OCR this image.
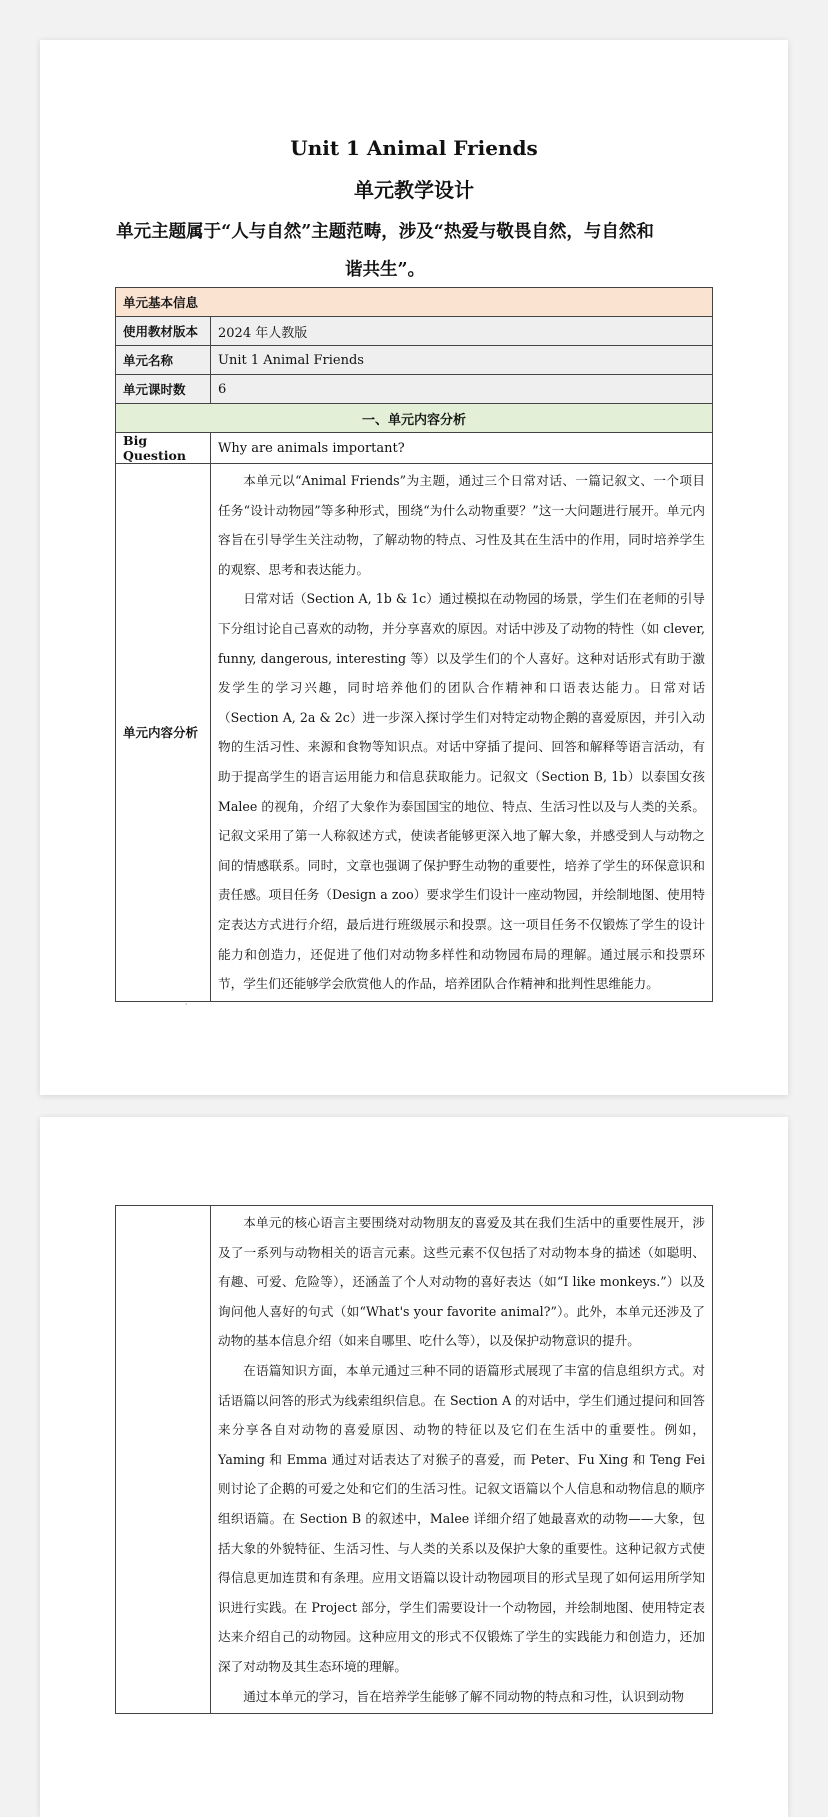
Unit 1 Animal Friends
单元教学设计
单元主题属于“人与自然”主题范畴，涉及“热爱与敬畏自然，与自然和谐共生”。
单元基本信息	
使用教材版本	2024 年人教版
单元名称	Unit 1 Animal Friends
单元课时数	6
一、单元内容分析	
Big Question	Why are animals important?
单元内容分析	本单元以“Animal Friends”为主题，通过三个日常对话、一篇记叙文、一个项目任务“设计动物园”等多种形式，围绕“为什么动物重要？”这一大问题进行展开。单元内容旨在引导学生关注动物，了解动物的特点、习性及其在生活中的作用，同时培养学生的观察、思考和表达能力。

日常对话（Section A, 1b & 1c）通过模拟在动物园的场景，学生们在老师的引导下分组讨论自己喜欢的动物，并分享喜欢的原因。对话中涉及了动物的特性（如 clever, funny, dangerous, interesting 等）以及学生们的个人喜好。这种对话形式有助于激发学生的学习兴趣，同时培养他们的团队合作精神和口语表达能力。日常对话（Section A, 2a & 2c）进一步深入探讨学生们对特定动物企鹅的喜爱原因，并引入动物的生活习性、来源和食物等知识点。对话中穿插了提问、回答和解释等语言活动，有助于提高学生的语言运用能力和信息获取能力。记叙文（Section B, 1b）以泰国女孩 Malee 的视角，介绍了大象作为泰国国宝的地位、特点、生活习性以及与人类的关系。记叙文采用了第一人称叙述方式，使读者能够更深入地了解大象，并感受到人与动物之间的情感联系。同时，文章也强调了保护野生动物的重要性，培养了学生的环保意识和责任感。项目任务（Design a zoo）要求学生们设计一座动物园，并绘制地图、使用特定表达方式进行介绍，最后进行班级展示和投票。这一项目任务不仅锻炼了学生的设计能力和创造力，还促进了他们对动物多样性和动物园布局的理解。通过展示和投票环节，学生们还能够学会欣赏他人的作品，培养团队合作精神和批判性思维能力。

'

本单元的核心语言主要围绕对动物朋友的喜爱及其在我们生活中的重要性展开，涉及了一系列与动物相关的语言元素。这些元素不仅包括了对动物本身的描述（如聪明、有趣、可爱、危险等），还涵盖了个人对动物的喜好表达（如“I like monkeys.”）以及询问他人喜好的句式（如“What's your favorite animal?”）。此外，本单元还涉及了动物的基本信息介绍（如来自哪里、吃什么等），以及保护动物意识的提升。

在语篇知识方面，本单元通过三种不同的语篇形式展现了丰富的信息组织方式。对话语篇以问答的形式为线索组织信息。在 Section A 的对话中，学生们通过提问和回答来分享各自对动物的喜爱原因、动物的特征以及它们在生活中的重要性。例如，Yaming 和 Emma 通过对话表达了对猴子的喜爱，而 Peter、Fu Xing 和 Teng Fei 则讨论了企鹅的可爱之处和它们的生活习性。记叙文语篇以个人信息和动物信息的顺序组织语篇。在 Section B 的叙述中，Malee 详细介绍了她最喜欢的动物——大象，包括大象的外貌特征、生活习性、与人类的关系以及保护大象的重要性。这种记叙方式使得信息更加连贯和有条理。应用文语篇以设计动物园项目的形式呈现了如何运用所学知识进行实践。在 Project 部分，学生们需要设计一个动物园，并绘制地图、使用特定表达来介绍自己的动物园。这种应用文的形式不仅锻炼了学生的实践能力和创造力，还加深了对动物及其生态环境的理解。

通过本单元的学习，旨在培养学生能够了解不同动物的特点和习性，认识到动物
